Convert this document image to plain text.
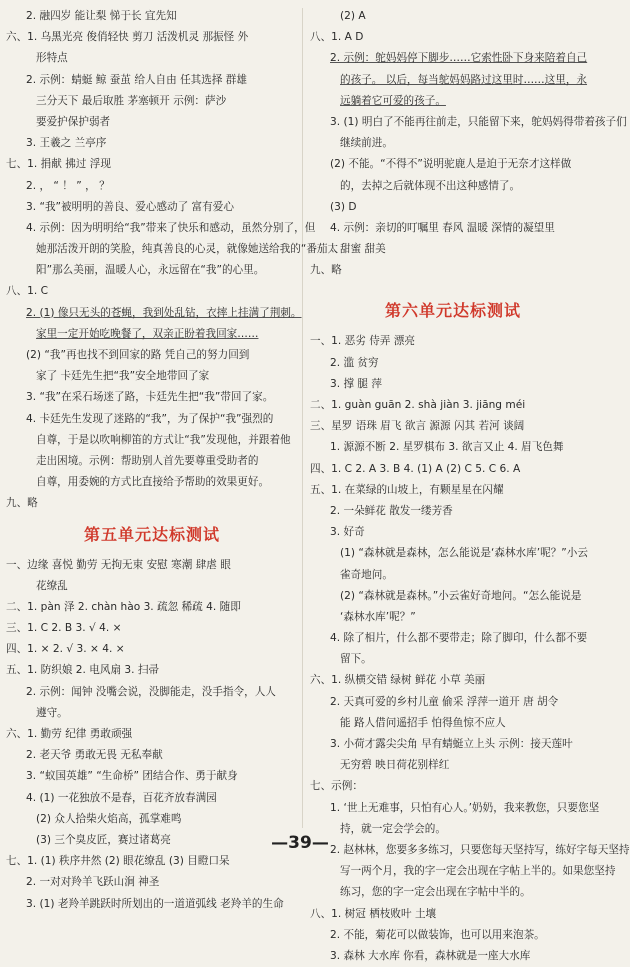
2. 融四岁 能让梨 悌于长 宜先知
六、1. 乌黑光亮 俊俏轻快 剪刀 活泼机灵 那振怪 外
形特点
2. 示例：蜻蜓 鲸 蚕茧 给人自由 任其选择 群雄
三分天下 最后取胜 茅塞顿开 示例：萨沙
要爱护保护弱者
3. 王羲之 兰亭序
七、1. 捐献 拂过 浮现
2. ， “ ！ ” ， ？
3. “我”被明明的善良、爱心感动了 富有爱心
4. 示例：因为明明给“我”带来了快乐和感动，虽然分别了，但
她那活泼开朗的笑脸，纯真善良的心灵，就像她送给我的“番茄太
阳”那么美丽，温暖人心，永远留在“我”的心里。
八、1. C
2. (1) 像只无头的苍蝇，我到处乱钻，衣摔上挂满了荆刺。
家里一定开始吃晚餐了，双亲正盼着我回家……
(2) “我”再也找不到回家的路 凭自己的努力回到
家了 卡廷先生把“我”安全地带回了家
3. “我”在采石场迷了路，卡廷先生把“我”带回了家。
4. 卡廷先生发现了迷路的“我”，为了保护“我”强烈的
自尊，于是以吹响柳笛的方式让“我”发现他，并跟着他
走出困境。示例：帮助别人首先要尊重受助者的
自尊，用委婉的方式比直接给予帮助的效果更好。
九、略
第五单元达标测试
一、边缘 喜悦 勤劳 无拘无束 安慰 寒潮 肆虐 眼
花缭乱
二、1. pàn 泽 2. chàn hào 3. 疏忽 稀疏 4. 随即
三、1. C 2. B 3. √ 4. ×
四、1. × 2. √ 3. × 4. ×
五、1. 防织娘 2. 电风扇 3. 扫帚
2. 示例：闻钟 没嘴会说，没脚能走，没手指令，人人
遵守。
六、1. 勤劳 纪律 勇敢顽强
2. 老天爷 勇敢无畏 无私奉献
3. “蚁国英雄” “生命桥” 团结合作、勇于献身
4. (1) 一花独放不是春，百花齐放春满园
(2) 众人拾柴火焰高，孤掌难鸣
(3) 三个臭皮匠，赛过诸葛亮
七、1. (1) 秩序井然 (2) 眼花缭乱 (3) 目瞪口呆
2. 一对对羚羊飞跃山涧 神圣
3. (1) 老羚羊跳跃时所划出的一道道弧线 老羚羊的生命
(2) A
八、1. A D
2. 示例：鸵妈妈停下脚步……它索性卧下身来陪着自己
的孩子。 以后，每当鸵妈妈路过这里时……这里，永
远躺着它可爱的孩子。
3. (1) 明白了不能再往前走，只能留下来，鸵妈妈得带着孩子们
继续前进。
(2) 不能。“不得不”说明驼鹿人是迫于无奈才这样做
的，去掉之后就体现不出这种感情了。
(3) D
4. 示例：亲切的叮嘱里 春风 温暖 深情的凝望里
甜蜜 甜美
九、略
第六单元达标测试
一、1. 恶劣 侍弄 漂亮
2. 滥 贫穷
3. 撑 腿 萍
二、1. guàn guān 2. shà jiàn 3. jiāng méi
三、星罗 语珠 眉飞 欲言 源源 闪其 若河 谈阔
1. 源源不断 2. 星罗棋布 3. 欲言又止 4. 眉飞色舞
四、1. C 2. A 3. B 4. (1) A (2) C 5. C 6. A
五、1. 在菜绿的山坡上，有颗星星在闪耀
2. 一朵鲜花 散发一缕芳香
3. 好奇
(1) “森林就是森林，怎么能说是‘森林水库’呢？”小云
雀奇地问。
(2) “森林就是森林。”小云雀好奇地问。“怎么能说是
‘森林水库’呢？”
4. 除了相片，什么都不要带走；除了脚印，什么都不要
留下。
六、1. 纵横交错 绿树 鲜花 小草 美丽
2. 天真可爱的乡村儿童 偷采 浮萍一道开 唐 胡令
能 路人借问遥招手 怕得鱼惊不应人
3. 小荷才露尖尖角 早有蜻蜓立上头 示例：接天莲叶
无穷碧 映日荷花别样红
七、示例：
1. ‘世上无难事，只怕有心人。’奶奶，我来教您，只要您坚
持，就一定会学会的。
2. 赵林林，您要多多练习，只要您每天坚持写，练好字每天坚持
写一两个月，我的字一定会出现在字帖上半的。如果您坚持
练习，您的字一定会出现在字帖中半的。
八、1. 树冠 栖枝败叶 土壤
2. 不能，菊花可以做装饰，也可以用来泡茶。
3. 森林 大水库 你看，森林就是一座大水库
—39—
